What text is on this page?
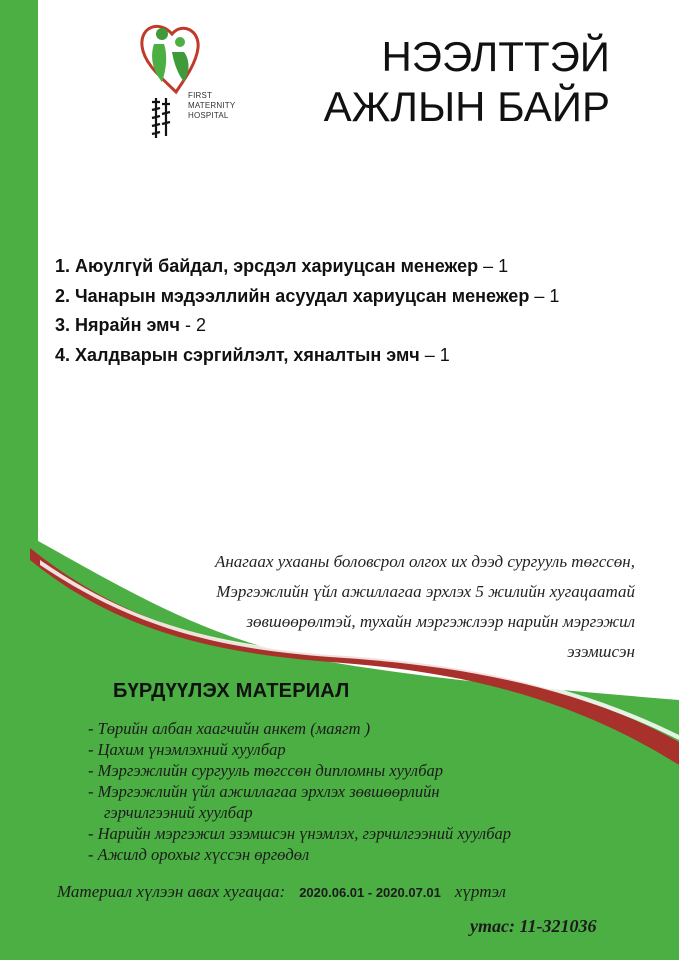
FIRST
MATERNITY
HOSPITAL
НЭЭЛТТЭЙ
АЖЛЫН БАЙР
1. Аюулгүй байдал, эрсдэл хариуцсан менежер – 1
2. Чанарын мэдээллийн асуудал хариуцсан менежер – 1
3. Нярайн эмч - 2
4. Халдварын сэргийлэлт, хяналтын эмч – 1
Анагаах ухааны боловсрол олгох их дээд сургууль төгссөн,
Мэргэжлийн үйл ажиллагаа эрхлэх 5 жилийн хугацаатай
зөвшөөрөлтэй, тухайн мэргэжлээр нарийн мэргэжил
эзэмшсэн
БҮРДҮҮЛЭХ МАТЕРИАЛ
- Төрийн албан хаагчийн анкет (маягт )
- Цахим үнэмлэхний хуулбар
- Мэргэжлийн сургууль төгссөн дипломны хуулбар
- Мэргэжлийн үйл ажиллагаа эрхлэх зөвшөөрлийн
гэрчилгээний хуулбар
- Нарийн мэргэжил эзэмшсэн үнэмлэх, гэрчилгээний хуулбар
- Ажилд орохыг хүссэн өргөдөл
Материал хүлээн авах хугацаа: 2020.06.01 - 2020.07.01 хүртэл
утас: 11-321036
